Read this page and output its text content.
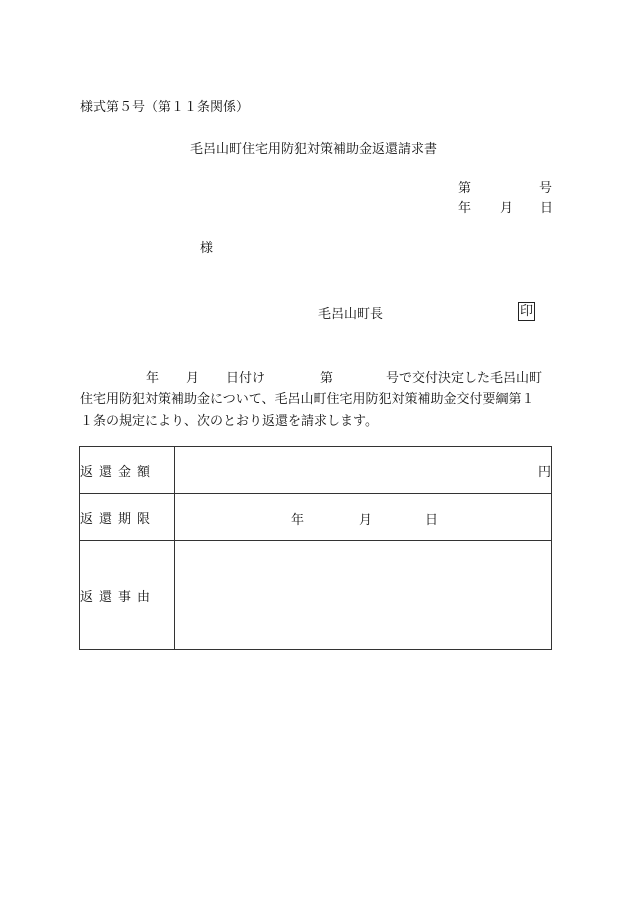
様式第５号（第１１条関係）
毛呂山町住宅用防犯対策補助金返還請求書
第	号
年 月 日
様
毛呂山町長	印
年 月 日付け	第	号で交付決定した毛呂山町
住宅用防犯対策補助金について、毛呂山町住宅用防犯対策補助金交付要綱第１
１条の規定により、次のとおり返還を請求します。
返還金額	円
返還期限	年 月 日

返還事由	
